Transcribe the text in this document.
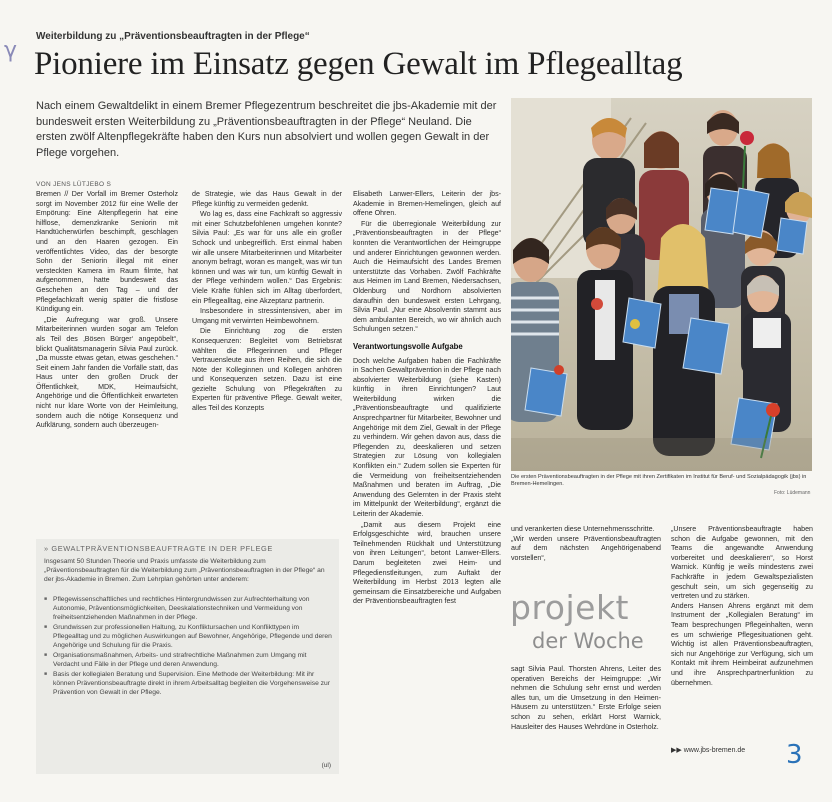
γ
Weiterbildung zu „Präventionsbeauftragten in der Pflege“
Pioniere im Einsatz gegen Gewalt im Pflegealltag

Nach einem Gewaltdelikt in einem Bremer Pflegezentrum beschreitet die jbs-Akademie mit der bundesweit ersten Weiterbildung zu „Präventionsbeauftragten in der Pflege“ Neuland. Die ersten zwölf Altenpflegekräfte haben den Kurs nun absolviert und wollen gegen Gewalt in der Pflege vorgehen.

VON JENS LÜTJEBO S

Bremen // Der Vorfall im Bremer Osterholz sorgt im November 2012 für eine Welle der Empörung: Eine Altenpflegerin hat eine hilflose, demenzkranke Seniorin mit Handtücherwürfen beschimpft, geschlagen und an den Haaren gezogen. Ein veröffentlichtes Video, das der besorgte Sohn der Seniorin illegal mit einer versteckten Kamera im Raum filmte, hat aufgenommen, hatte bundesweit das Geschehen an den Tag – und der Pflegefachkraft wenig später die fristlose Kündigung ein.

„Die Aufregung war groß. Unsere Mitarbeiterinnen wurden sogar am Telefon als Teil des ‚Bösen Bürger‘ angepöbelt“, blickt Qualitätsmanagerin Silvia Paul zurück. „Da musste etwas getan, etwas geschehen.“ Seit einem Jahr fanden die Vorfälle statt, das Haus unter den großen Druck der Öffentlichkeit, MDK, Heimaufsicht, Angehörige und die Öffentlichkeit erwarteten nicht nur klare Worte von der Heimleitung, sondern auch die nötige Konsequenz und Aufklärung, sondern auch überzeugen-

de Strategie, wie das Haus Gewalt in der Pflege künftig zu vermeiden gedenkt.

Wo lag es, dass eine Fachkraft so aggressiv mit einer Schutzbefohlenen umgehen konnte? Silvia Paul: „Es war für uns alle ein großer Schock und unbegreiflich. Erst einmal haben wir alle unsere Mitarbeiterinnen und Mitarbeiter anonym befragt, woran es mangelt, was wir tun können und was wir tun, um künftig Gewalt in der Pflege verhindern wollen.“ Das Ergebnis: Viele Kräfte fühlen sich im Alltag überfordert, ein Pflegealltag, eine Akzeptanz partnerin.

Insbesondere in stressintensiven, aber im Umgang mit verwirrten Heimbewohnern.

Die Einrichtung zog die ersten Konsequenzen: Begleitet vom Betriebsrat wählten die Pflegerinnen und Pfleger Vertrauensleute aus ihren Reihen, die sich die Nöte der Kolleginnen und Kollegen anhören und Konsequenzen setzen. Dazu ist eine gezielte Schulung von Pflegekräften zu Experten für präventive Pflege. Gewalt weiter, alles Teil des Konzepts

Elisabeth Lanwer-Ellers, Leiterin der jbs-Akademie in Bremen-Hemelingen, gleich auf offene Ohren.

Für die überregionale Weiterbildung zur „Präventionsbeauftragten in der Pflege“ konnten die Verantwortlichen der Heimgruppe und anderer Einrichtungen gewonnen werden. Auch die Heimaufsicht des Landes Bremen unterstützte das Vorhaben. Zwölf Fachkräfte aus Heimen im Land Bremen, Niedersachsen, Oldenburg und Nordhorn absolvierten daraufhin den bundesweit ersten Lehrgang, Silvia Paul. „Nur eine Absolventin stammt aus dem ambulanten Bereich, wo wir ähnlich auch Schulungen setzen.“

Verantwortungsvolle Aufgabe

Doch welche Aufgaben haben die Fachkräfte in Sachen Gewaltprävention in der Pflege nach absolvierter Weiterbildung (siehe Kasten) künftig in ihren Einrichtungen? Laut Weiterbildung wirken die „Präventionsbeauftragte und qualifizierte Ansprechpartner für Mitarbeiter, Bewohner und Angehörige mit dem Ziel, Gewalt in der Pflege zu verhindern. Wir gehen davon aus, dass die Pflegenden zu, deeskalieren und setzen Strategien zur Lösung von kollegialen Konflikten ein.“ Zudem sollen sie Experten für die Vermeidung von freiheitsentziehenden Maßnahmen und beraten im Auftrag, „Die Anwendung des Gelernten in der Praxis steht im Mittelpunkt der Weiterbildung“, ergänzt die Leiterin der Akademie.

„Damit aus diesem Projekt eine Erfolgsgeschichte wird, brauchen unsere Teilnehmenden Rückhalt und Unterstützung von ihren Leitungen“, betont Lanwer-Ellers. Darum begleiteten zwei Heim- und Pflegedienstleitungen, zum Auftakt der Weiterbildung im Herbst 2013 legten alle gemeinsam die Einsatzbereiche und Aufgaben der Präventionsbeauftragten fest

Die ersten Präventionsbeauftragten in der Pflege mit ihren Zertifikaten im Institut für Beruf- und Sozialpädagogik (jbs) in Bremen-Hemelingen.

Foto: Lüdemann

und verankerten diese Unternehmensschritte.
„Wir werden unsere Präventionsbeauftragten auf dem nächsten Angehörigenabend vorstellen“,

projekt
der Woche

sagt Silvia Paul. Thorsten Ahrens, Leiter des operativen Bereichs der Heimgruppe: „Wir nehmen die Schulung sehr ernst und werden alles tun, um die Umsetzung in den Heimen-Häusern zu unterstützen.“ Erste Erfolge seien schon zu sehen, erklärt Horst Warnick, Hausleiter des Hauses Wehrdüne in Osterholz.

„Unsere Präventionsbeauftragte haben schon die Aufgabe gewonnen, mit den Teams die angewandte Anwendung vorbereitet und deeskalieren“, so Horst Warnick. Künftig je weils mindestens zwei Fachkräfte in jedem Gewaltspezialisten geschult sein, um sich gegenseitig zu vertreten und zu stärken.
Anders Hansen Ahrens ergänzt mit dem Instrument der „Kollegialen Beratung“ im Team besprechungen Pflegeinhalten, wenn es um schwierige Pflegesituationen geht. Wichtig ist allen Präventionsbeauftragten, sich nur Angehörige zur Verfügung, sich um Kontakt mit ihrem Heimbeirat aufzunehmen und ihre Ansprechpartnerfunktion zu übernehmen.

» GEWALTPRÄVENTIONSBEAUFTRAGTE IN DER PFLEGE

Insgesamt 50 Stunden Theorie und Praxis umfasste die Weiterbildung zum „Präventionsbeauftragten für die Weiterbildung zum „Präventionsbeauftragten in der Pflege“ an der jbs-Akademie in Bremen. Zum Lehrplan gehörten unter anderem:

■ Pflegewissenschaftliches und rechtliches Hintergrundwissen zur Aufrechterhaltung von Autonomie, Präventionsmöglichkeiten, Deeskalationstechniken und Vermeidung von freiheitsentziehenden Maßnahmen in der Pflege.
■ Grundwissen zur professionellen Haltung, zu Konfliktursachen und Konflikttypen im Pflegealltag und zu möglichen Auswirkungen auf Bewohner, Angehörige, Pflegende und deren Angehörige und Schulung für die Praxis.
■ Organisationsmaßnahmen, Arbeits- und strafrechtliche Maßnahmen zum Umgang mit Verdacht und Fälle in der Pflege und deren Anwendung.
■ Basis der kollegialen Beratung und Supervision. Eine Methode der Weiterbildung: Mit ihr können Präventionsbeauftragte direkt in ihrem Arbeitsalltag begleiten die Vorgehensweise zur Prävention von Gewalt in der Pflege.
(ul)
▶▶ www.jbs-bremen.de 3
